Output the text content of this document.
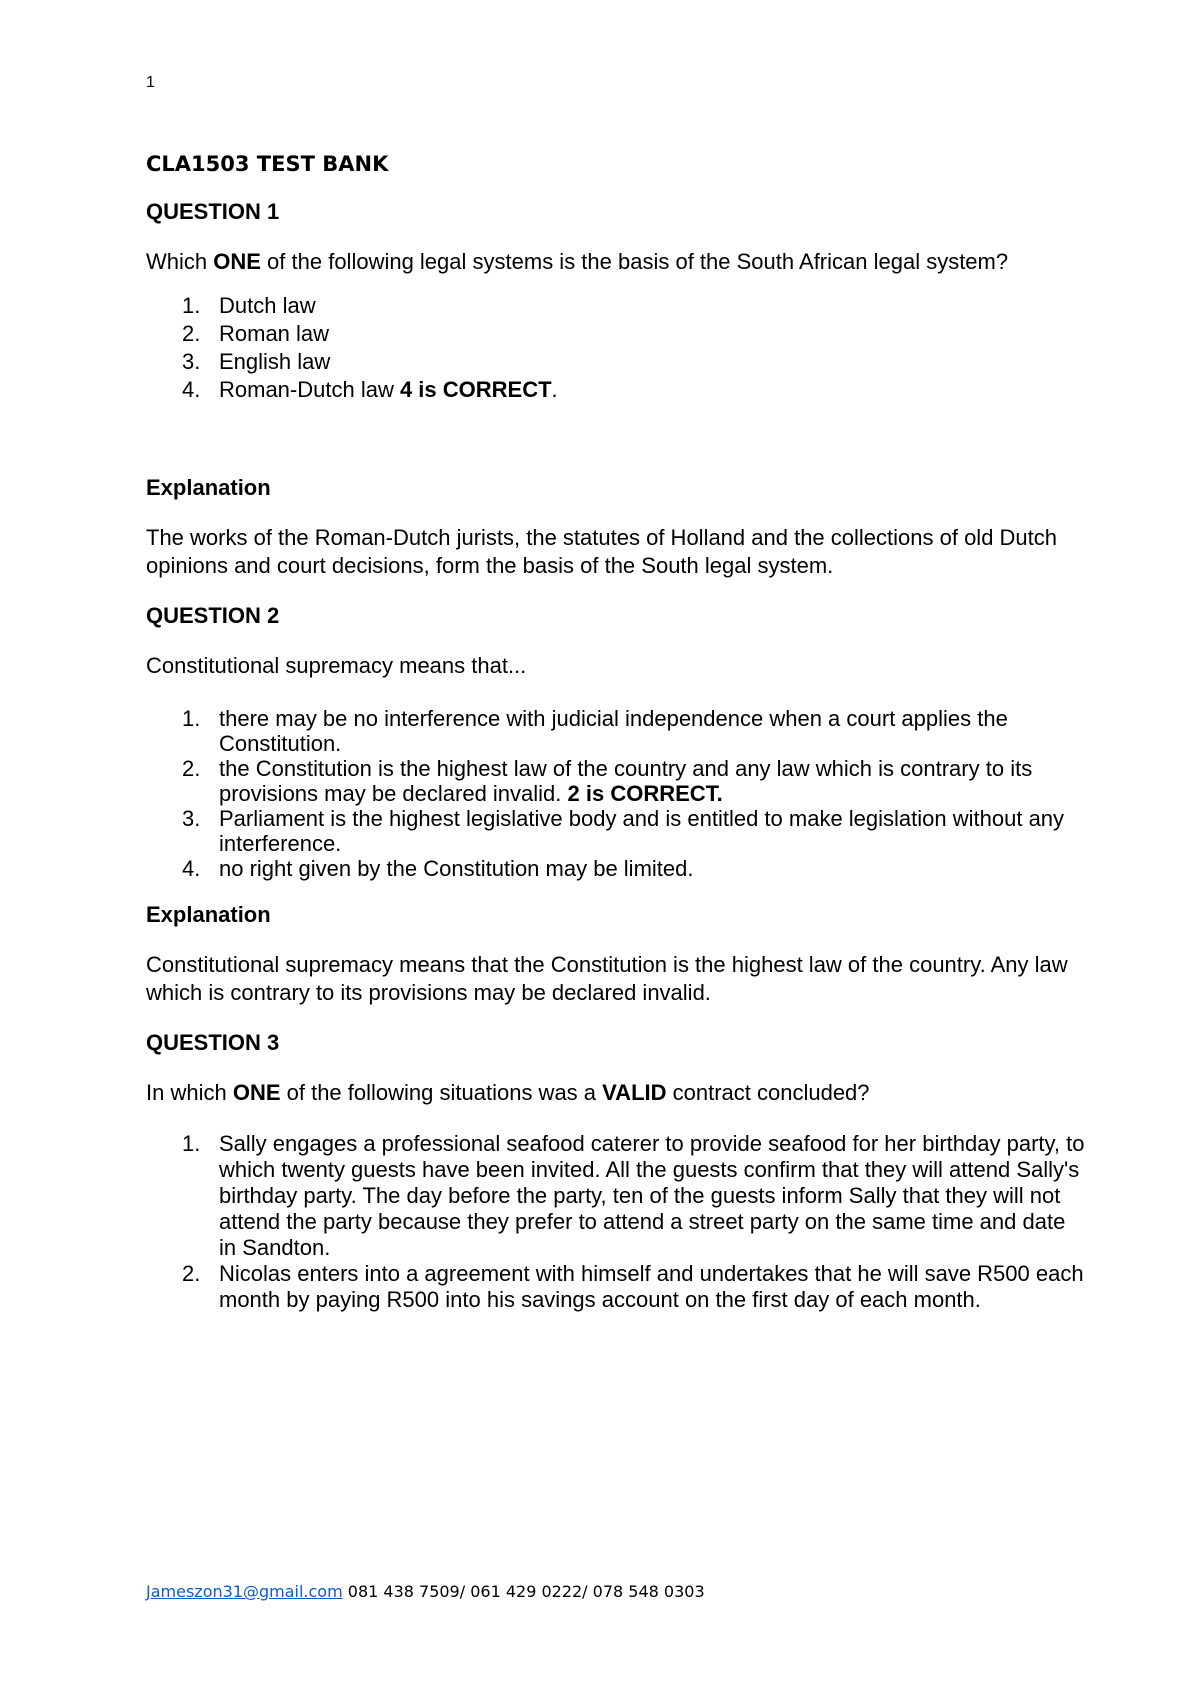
1
CLA1503 TEST BANK
QUESTION 1

Which ONE of the following legal systems is the basis of the South African legal system?

1. Dutch law
2. Roman law
3. English law
4. Roman-Dutch law 4 is CORRECT.
Explanation

The works of the Roman-Dutch jurists, the statutes of Holland and the collections of old Dutch opinions and court decisions, form the basis of the South legal system.

QUESTION 2

Constitutional supremacy means that...

1. there may be no interference with judicial independence when a court applies the Constitution.
2. the Constitution is the highest law of the country and any law which is contrary to its provisions may be declared invalid. 2 is CORRECT.
3. Parliament is the highest legislative body and is entitled to make legislation without any interference.
4. no right given by the Constitution may be limited.
Explanation

Constitutional supremacy means that the Constitution is the highest law of the country. Any law which is contrary to its provisions may be declared invalid.

QUESTION 3

In which ONE of the following situations was a VALID contract concluded?

1. Sally engages a professional seafood caterer to provide seafood for her birthday party, to which twenty guests have been invited. All the guests confirm that they will attend Sally's birthday party. The day before the party, ten of the guests inform Sally that they will not attend the party because they prefer to attend a street party on the same time and date in Sandton.
2. Nicolas enters into a agreement with himself and undertakes that he will save R500 each month by paying R500 into his savings account on the first day of each month.
Jameszon31@gmail.com 081 438 7509/ 061 429 0222/ 078 548 0303
